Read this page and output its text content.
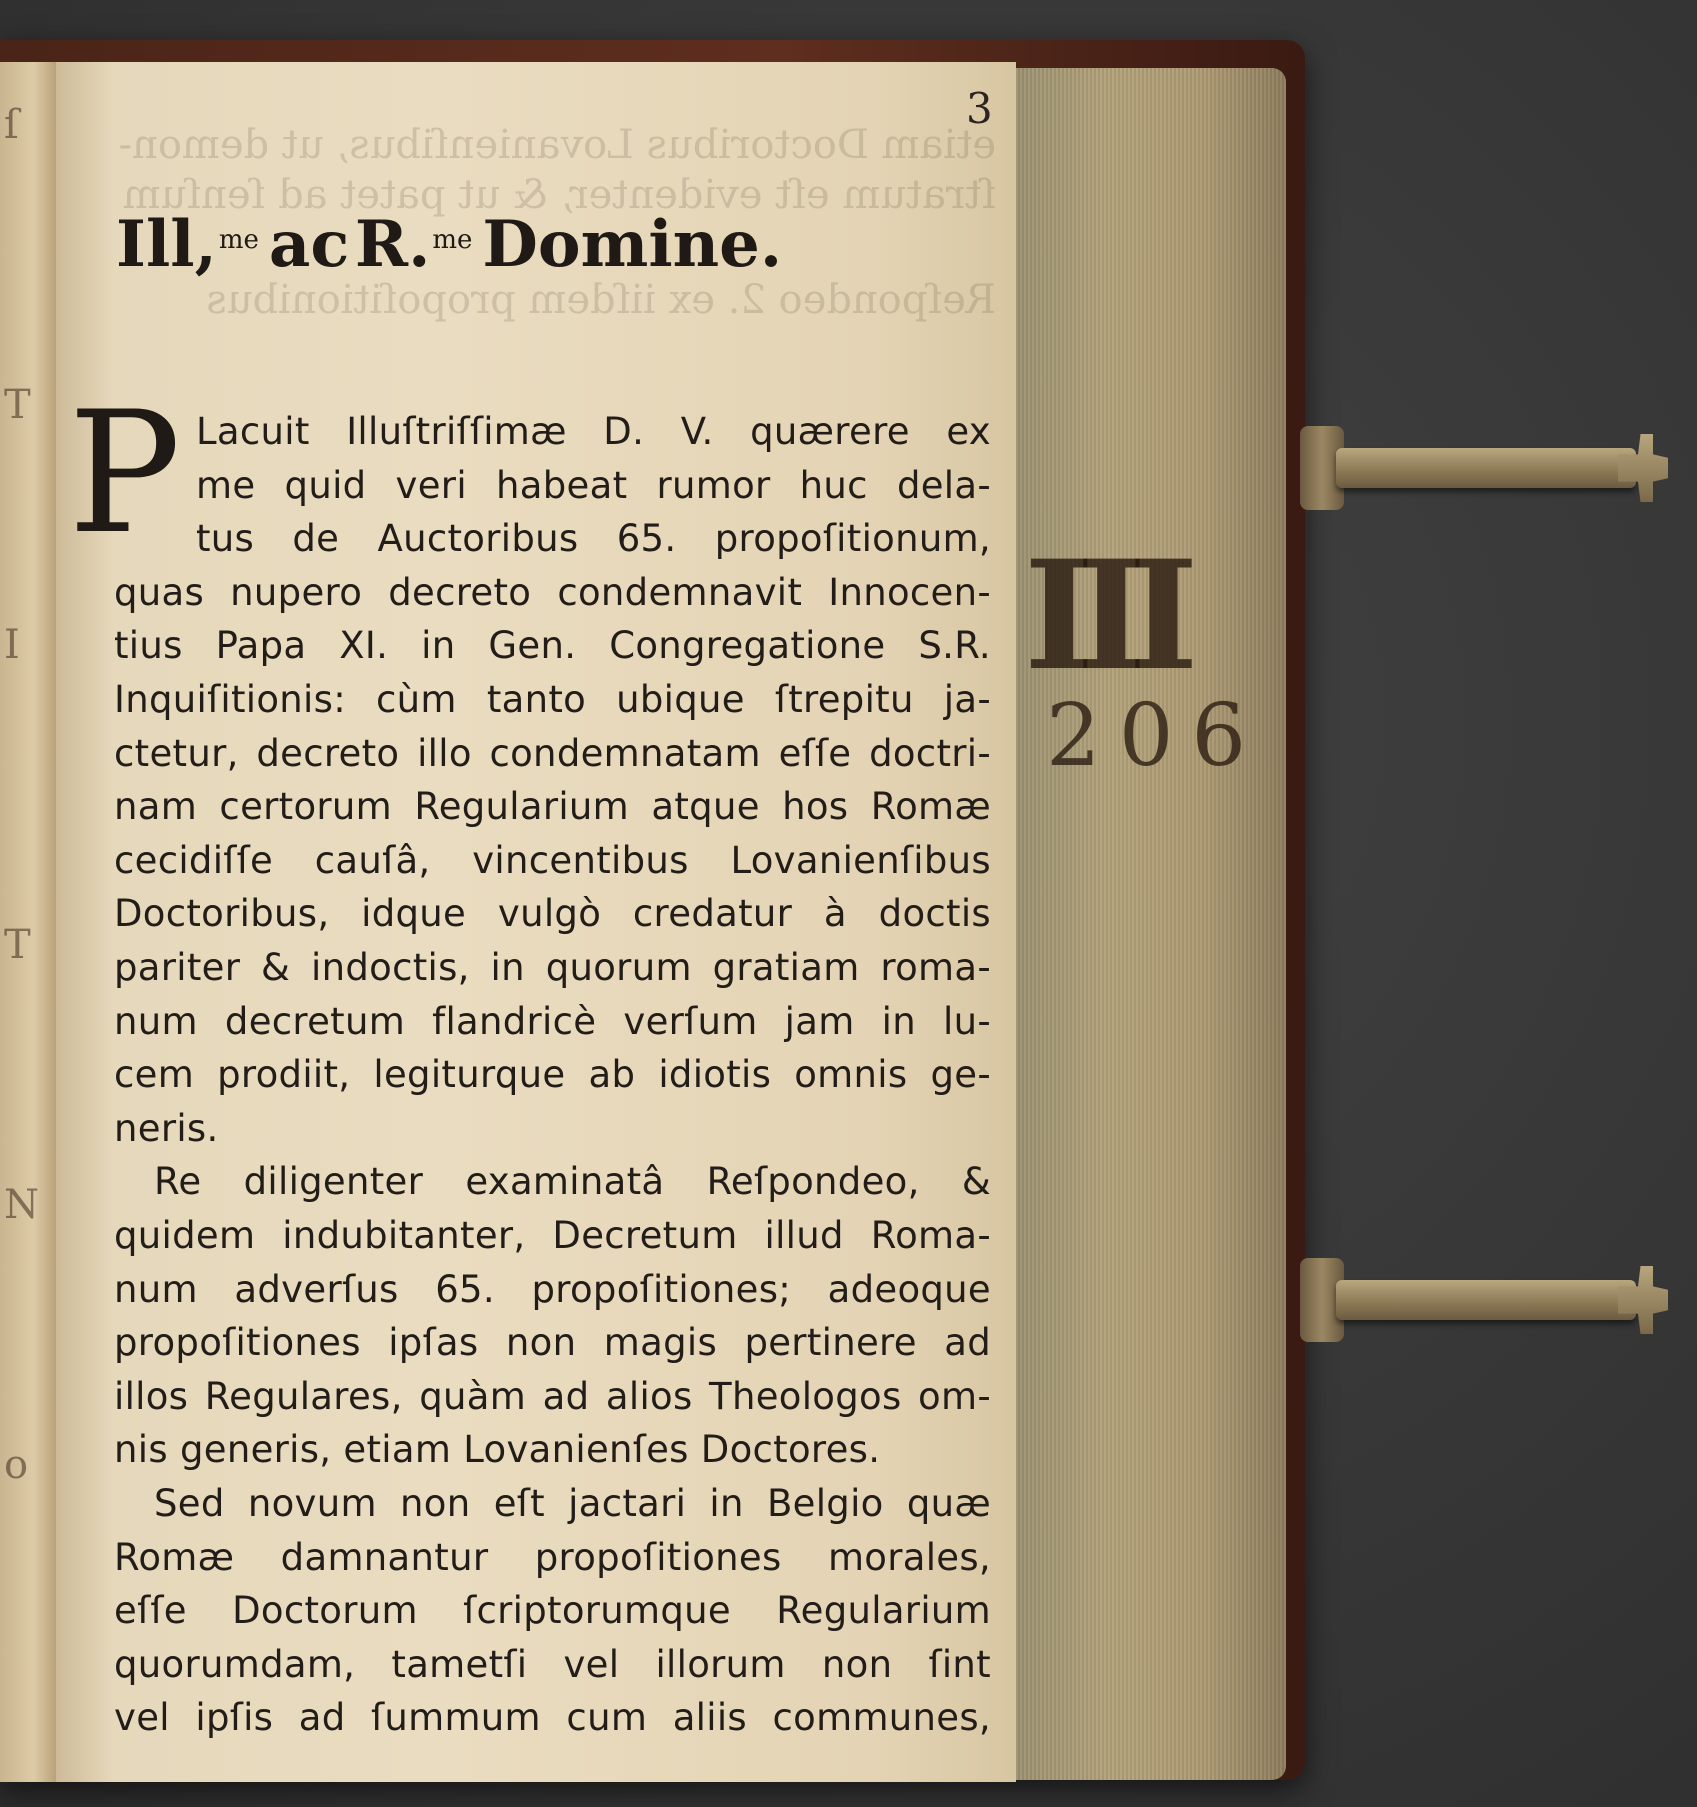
ſ
T
I
T
N
o
etiam Doctoribus Lovanienſibus, ut demon-
ſtratum eſt evidenter, & ut patet ad ſenſum
Reſpondeo 2. ex iiſdem propoſitionibus
3
Ill,me ac R.me Domine.
P Lacuit Illuſtriſſimæ D. V. quærere ex
me quid veri habeat rumor huc dela-
tus de Auctoribus 65. propoſitionum,
quas nupero decreto condemnavit Innocen-
tius Papa XI. in Gen. Congregatione S.R.
Inquiſitionis: cùm tanto ubique ſtrepitu ja-
ctetur, decreto illo condemnatam eſſe doctri-
nam certorum Regularium atque hos Romæ
cecidiſſe cauſâ, vincentibus Lovanienſibus
Doctoribus, idque vulgò credatur à doctis
pariter & indoctis, in quorum gratiam roma-
num decretum flandricè verſum jam in lu-
cem prodiit, legiturque ab idiotis omnis ge-
neris.
Re diligenter examinatâ Reſpondeo, &
quidem indubitanter, Decretum illud Roma-
num adverſus 65. propoſitiones; adeoque
propoſitiones ipſas non magis pertinere ad
illos Regulares, quàm ad alios Theologos om-
nis generis, etiam Lovanienſes Doctores.
Sed novum non eſt jactari in Belgio quæ
Romæ damnantur propoſitiones morales,
eſſe Doctorum ſcriptorumque Regularium
quorumdam, tametſi vel illorum non ſint
vel ipſis ad ſummum cum aliis communes,
III
206
